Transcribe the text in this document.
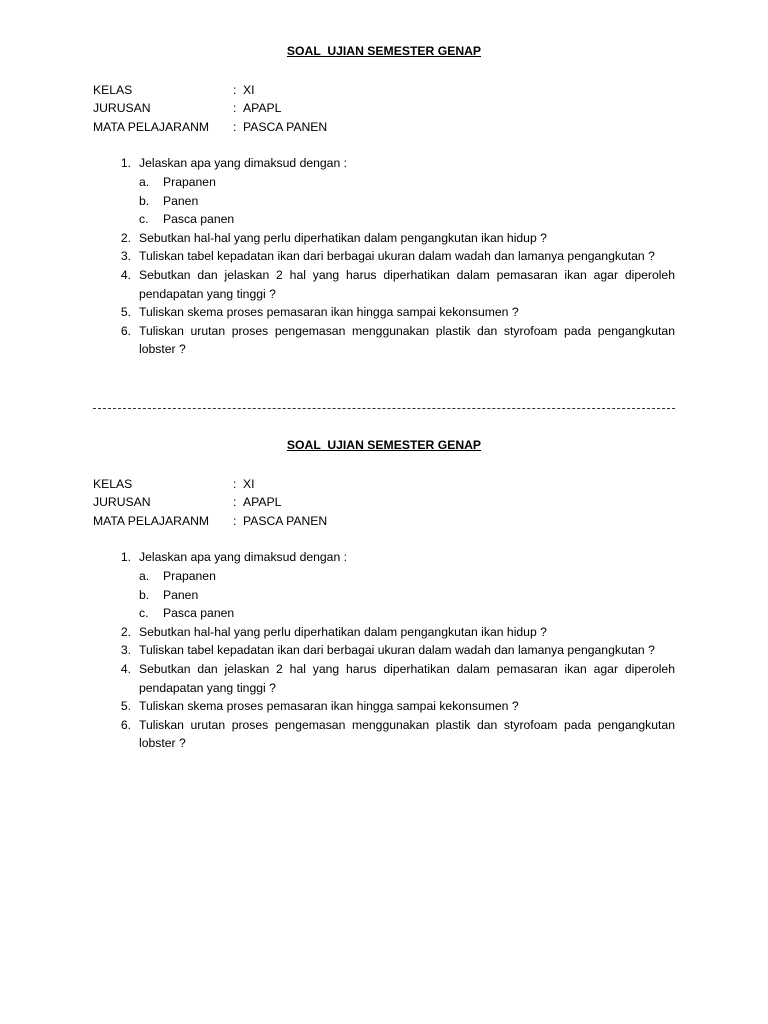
SOAL  UJIAN SEMESTER GENAP
KELAS	: XI
JURUSAN	: APAPL
MATA PELAJARANM	: PASCA PANEN
1. Jelaskan apa yang dimaksud dengan :
a.	Prapanen
b.	Panen
c.	Pasca panen
2. Sebutkan hal-hal yang perlu diperhatikan dalam pengangkutan ikan hidup ?
3. Tuliskan tabel kepadatan ikan dari berbagai ukuran dalam wadah dan lamanya pengangkutan ?
4. Sebutkan dan jelaskan 2 hal yang harus diperhatikan dalam pemasaran ikan agar diperoleh pendapatan yang tinggi ?
5. Tuliskan skema proses pemasaran ikan hingga sampai kekonsumen ?
6. Tuliskan urutan proses pengemasan menggunakan plastik dan styrofoam pada pengangkutan lobster ?
SOAL  UJIAN SEMESTER GENAP
KELAS	: XI
JURUSAN	: APAPL
MATA PELAJARANM	: PASCA PANEN
1. Jelaskan apa yang dimaksud dengan :
a.	Prapanen
b.	Panen
c.	Pasca panen
2. Sebutkan hal-hal yang perlu diperhatikan dalam pengangkutan ikan hidup ?
3. Tuliskan tabel kepadatan ikan dari berbagai ukuran dalam wadah dan lamanya pengangkutan ?
4. Sebutkan dan jelaskan 2 hal yang harus diperhatikan dalam pemasaran ikan agar diperoleh pendapatan yang tinggi ?
5. Tuliskan skema proses pemasaran ikan hingga sampai kekonsumen ?
6. Tuliskan urutan proses pengemasan menggunakan plastik dan styrofoam pada pengangkutan lobster ?
